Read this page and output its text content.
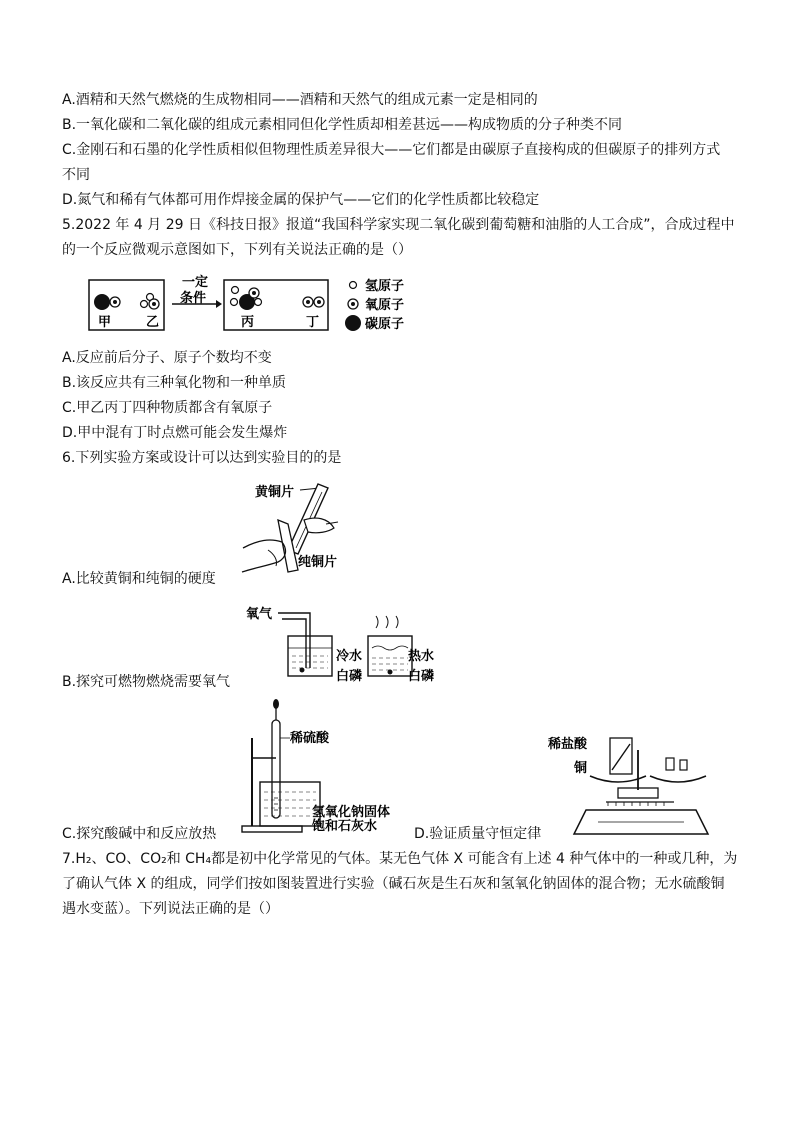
A.酒精和天然气燃烧的生成物相同——酒精和天然气的组成元素一定是相同的
B.一氧化碳和二氧化碳的组成元素相同但化学性质却相差甚远——构成物质的分子种类不同
C.金刚石和石墨的化学性质相似但物理性质差异很大——它们都是由碳原子直接构成的但碳原子的排列方式
不同
D.氮气和稀有气体都可用作焊接金属的保护气——它们的化学性质都比较稳定
5.2022 年 4 月 29 日《科技日报》报道“我国科学家实现二氧化碳到葡萄糖和油脂的人工合成”，合成过程中
的一个反应微观示意图如下，下列有关说法正确的是（）
甲	乙
一定
条件
丙	丁
氢原子
氧原子
碳原子
A.反应前后分子、原子个数均不变
B.该反应共有三种氧化物和一种单质
C.甲乙丙丁四种物质都含有氧原子
D.甲中混有丁时点燃可能会发生爆炸
6.下列实验方案或设计可以达到实验目的的是
黄铜片
纯铜片
A.比较黄铜和纯铜的硬度
氧气
冷水
白磷
热水
白磷
B.探究可燃物燃烧需要氧气
稀硫酸
氢氧化钠固体
饱和石灰水
C.探究酸碱中和反应放热
稀盐酸
铜
D.验证质量守恒定律
7.H₂、CO、CO₂和 CH₄都是初中化学常见的气体。某无色气体 X 可能含有上述 4 种气体中的一种或几种，为
了确认气体 X 的组成，同学们按如图装置进行实验（碱石灰是生石灰和氢氧化钠固体的混合物；无水硫酸铜
遇水变蓝）。下列说法正确的是（）
